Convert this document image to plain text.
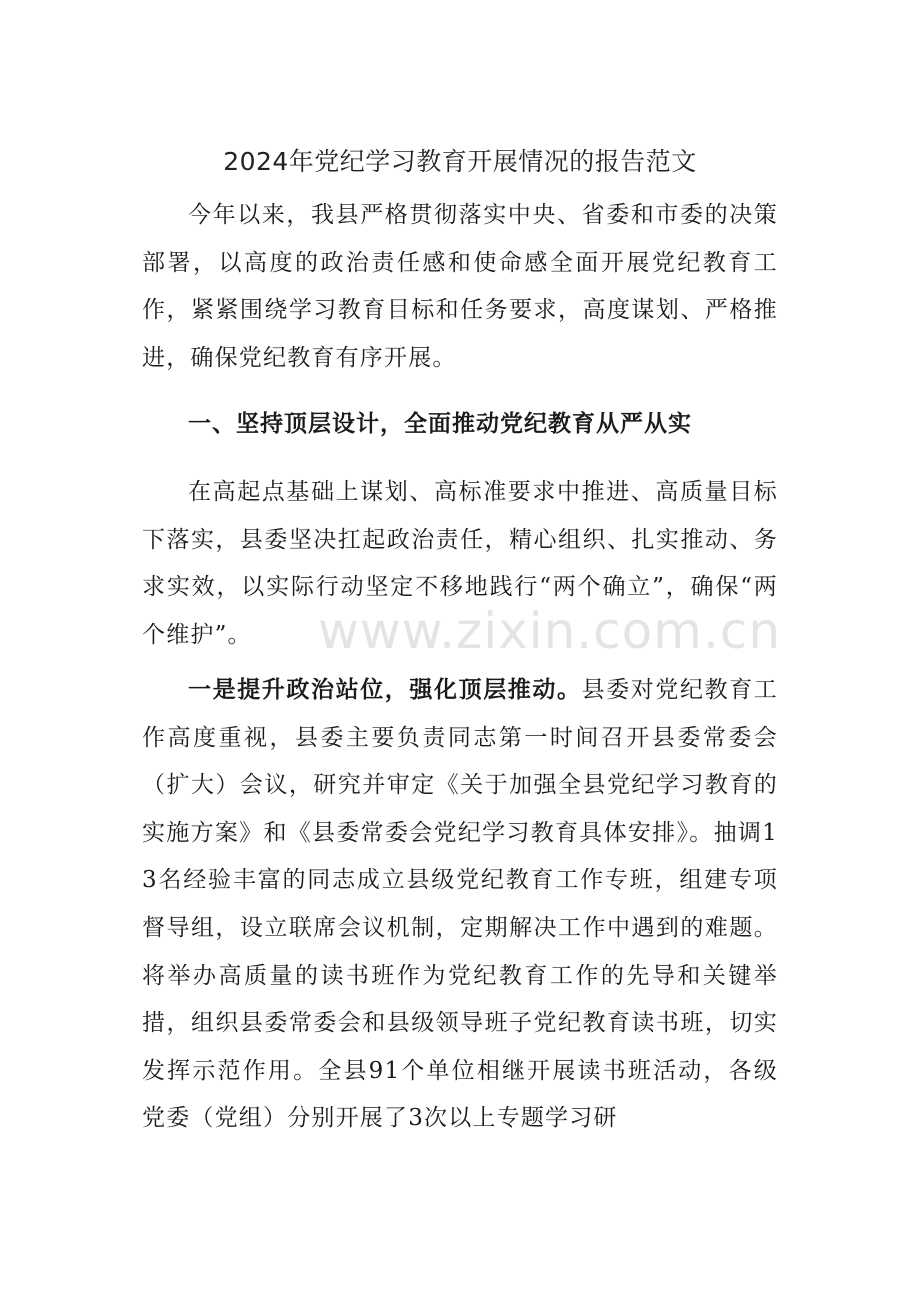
2024年党纪学习教育开展情况的报告范文

今年以来，我县严格贯彻落实中央、省委和市委的决策部署，以高度的政治责任感和使命感全面开展党纪教育工作，紧紧围绕学习教育目标和任务要求，高度谋划、严格推进，确保党纪教育有序开展。

一、坚持顶层设计，全面推动党纪教育从严从实

在高起点基础上谋划、高标准要求中推进、高质量目标下落实，县委坚决扛起政治责任，精心组织、扎实推动、务求实效，以实际行动坚定不移地践行“两个确立”，确保“两个维护”。

一是提升政治站位，强化顶层推动。县委对党纪教育工作高度重视，县委主要负责同志第一时间召开县委常委会（扩大）会议，研究并审定《关于加强全县党纪学习教育的实施方案》和《县委常委会党纪学习教育具体安排》。抽调13名经验丰富的同志成立县级党纪教育工作专班，组建专项督导组，设立联席会议机制，定期解决工作中遇到的难题。将举办高质量的读书班作为党纪教育工作的先导和关键举措，组织县委常委会和县级领导班子党纪教育读书班，切实发挥示范作用。全县91个单位相继开展读书班活动，各级党委（党组）分别开展了3次以上专题学习研

www.zixin.com.cn
